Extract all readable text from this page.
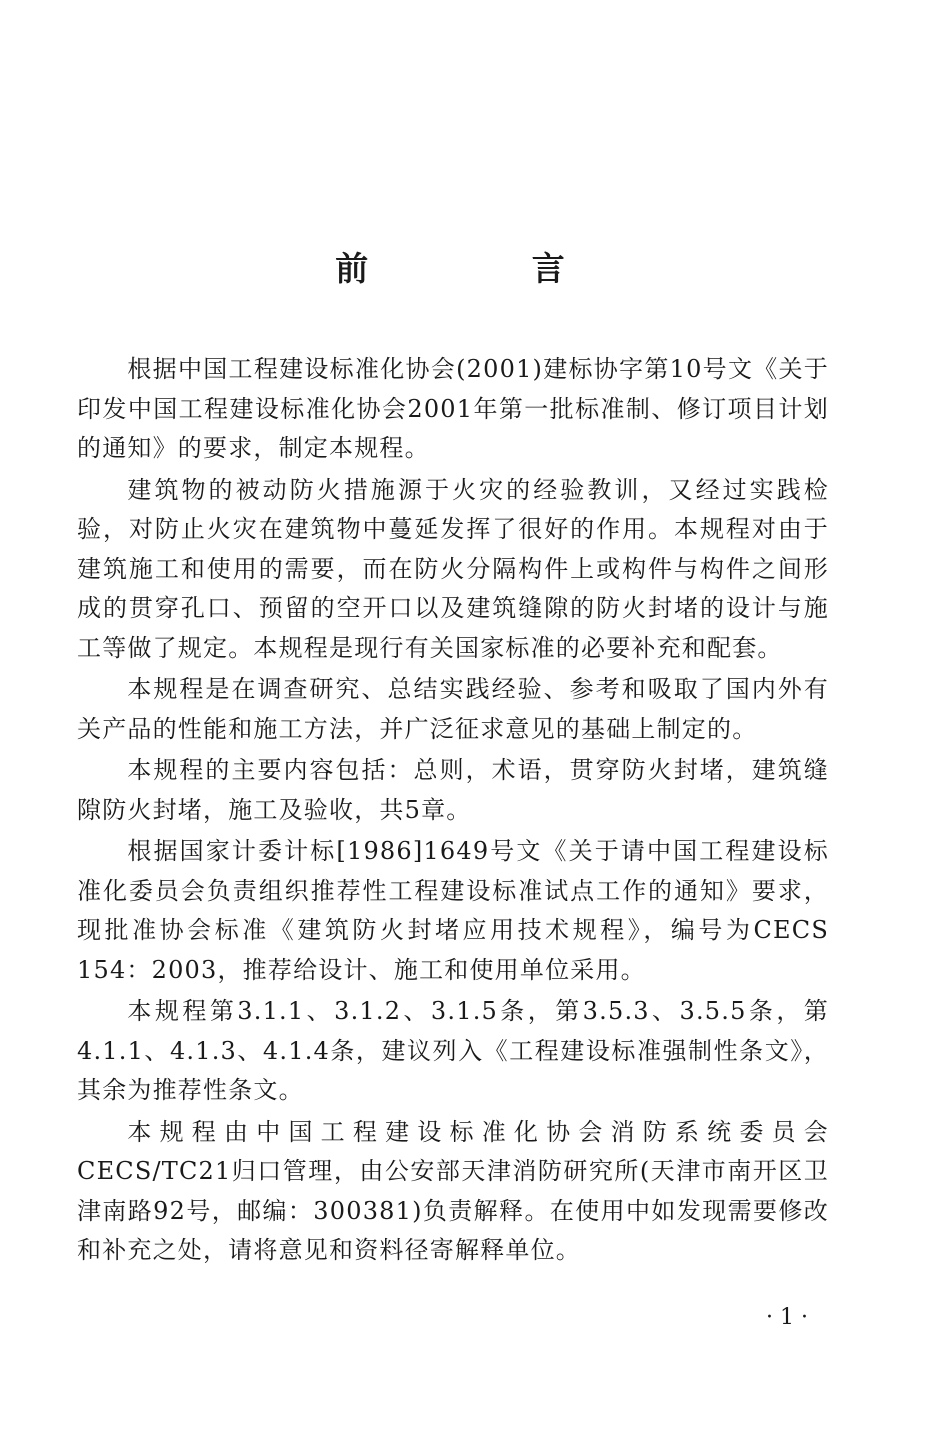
前 言

根据中国工程建设标准化协会(2001)建标协字第10号文《关于印发中国工程建设标准化协会2001年第一批标准制、修订项目计划的通知》的要求，制定本规程。

建筑物的被动防火措施源于火灾的经验教训，又经过实践检验，对防止火灾在建筑物中蔓延发挥了很好的作用。本规程对由于建筑施工和使用的需要，而在防火分隔构件上或构件与构件之间形成的贯穿孔口、预留的空开口以及建筑缝隙的防火封堵的设计与施工等做了规定。本规程是现行有关国家标准的必要补充和配套。

本规程是在调查研究、总结实践经验、参考和吸取了国内外有关产品的性能和施工方法，并广泛征求意见的基础上制定的。

本规程的主要内容包括：总则，术语，贯穿防火封堵，建筑缝隙防火封堵，施工及验收，共5章。

根据国家计委计标[1986]1649号文《关于请中国工程建设标准化委员会负责组织推荐性工程建设标准试点工作的通知》要求，现批准协会标准《建筑防火封堵应用技术规程》，编号为CECS 154：2003，推荐给设计、施工和使用单位采用。

本规程第3.1.1、3.1.2、3.1.5条，第3.5.3、3.5.5条，第4.1.1、4.1.3、4.1.4条，建议列入《工程建设标准强制性条文》，其余为推荐性条文。

本规程由中国工程建设标准化协会消防系统委员会CECS/TC21归口管理，由公安部天津消防研究所(天津市南开区卫津南路92号，邮编：300381)负责解释。在使用中如发现需要修改和补充之处，请将意见和资料径寄解释单位。

· 1 ·
